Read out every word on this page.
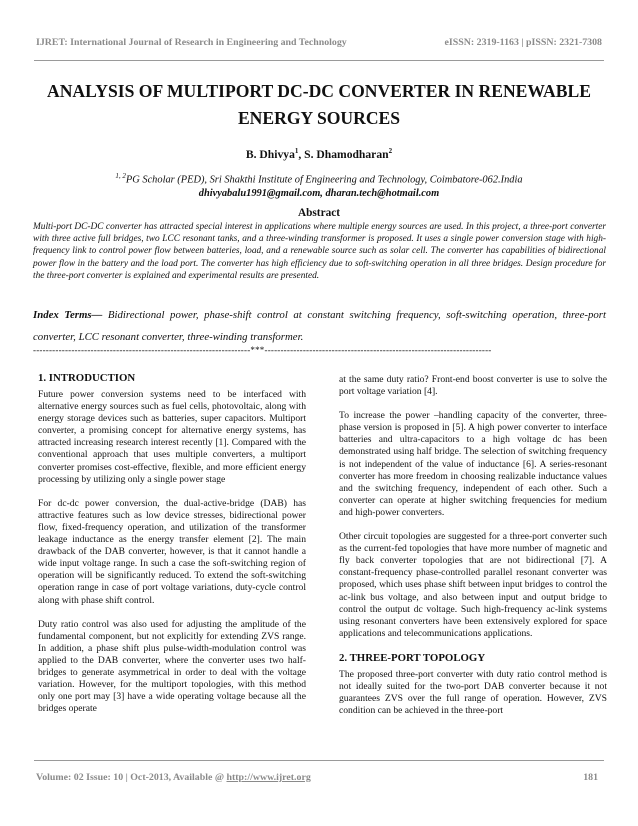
IJRET: International Journal of Research in Engineering and Technology	eISSN: 2319-1163 | pISSN: 2321-7308
ANALYSIS OF MULTIPORT DC-DC CONVERTER IN RENEWABLE ENERGY SOURCES
B. Dhivya$^1$, S. Dhamodharan$^2$
$^{1, 2}$PG Scholar (PED), Sri Shakthi Institute of Engineering and Technology, Coimbatore-062.India
dhivyabalu1991@gmail.com, dharan.tech@hotmail.com
Abstract
Multi-port DC-DC converter has attracted special interest in applications where multiple energy sources are used. In this project, a three-port converter with three active full bridges, two LCC resonant tanks, and a three-winding transformer is proposed. It uses a single power conversion stage with high-frequency link to control power flow between batteries, load, and a renewable source such as solar cell. The converter has capabilities of bidirectional power flow in the battery and the load port. The converter has high efficiency due to soft-switching operation in all three bridges. Design procedure for the three-port converter is explained and experimental results are presented.
Index Terms— Bidirectional power, phase-shift control at constant switching frequency, soft-switching operation, three-port converter, LCC resonant converter, three-winding transformer.
--------------------------------------------------------------------***-----------------------------------------------------------------------
1. INTRODUCTION

Future power conversion systems need to be interfaced with alternative energy sources such as fuel cells, photovoltaic, along with energy storage devices such as batteries, super capacitors. Multiport converter, a promising concept for alternative energy systems, has attracted increasing research interest recently [1]. Compared with the conventional approach that uses multiple converters, a multiport converter promises cost-effective, flexible, and more efficient energy processing by utilizing only a single power stage

For dc-dc power conversion, the dual-active-bridge (DAB) has attractive features such as low device stresses, bidirectional power flow, fixed-frequency operation, and utilization of the transformer leakage inductance as the energy transfer element [2]. The main drawback of the DAB converter, however, is that it cannot handle a wide input voltage range. In such a case the soft-switching region of operation will be significantly reduced. To extend the soft-switching operation range in case of port voltage variations, duty-cycle control along with phase shift control.

Duty ratio control was also used for adjusting the amplitude of the fundamental component, but not explicitly for extending ZVS range. In addition, a phase shift plus pulse-width-modulation control was applied to the DAB converter, where the converter uses two half-bridges to generate asymmetrical in order to deal with the voltage variation. However, for the multiport topologies, with this method only one port may [3] have a wide operating voltage because all the bridges operate

at the same duty ratio? Front-end boost converter is use to solve the port voltage variation [4].

To increase the power –handling capacity of the converter, three-phase version is proposed in [5]. A high power converter to interface batteries and ultra-capacitors to a high voltage dc has been demonstrated using half bridge. The selection of switching frequency is not independent of the value of inductance [6]. A series-resonant converter has more freedom in choosing realizable inductance values and the switching frequency, independent of each other. Such a converter can operate at higher switching frequencies for medium and high-power converters.

Other circuit topologies are suggested for a three-port converter such as the current-fed topologies that have more number of magnetic and fly back converter topologies that are not bidirectional [7]. A constant-frequency phase-controlled parallel resonant converter was proposed, which uses phase shift between input bridges to control the ac-link bus voltage, and also between input and output bridge to control the output dc voltage. Such high-frequency ac-link systems using resonant converters have been extensively explored for space applications and telecommunications applications.

2. THREE-PORT TOPOLOGY

The proposed three-port converter with duty ratio control method is not ideally suited for the two-port DAB converter because it not guarantees ZVS over the full range of operation. However, ZVS condition can be achieved in the three-port

Volume: 02 Issue: 10 | Oct-2013, Available @ http://www.ijret.org	181
